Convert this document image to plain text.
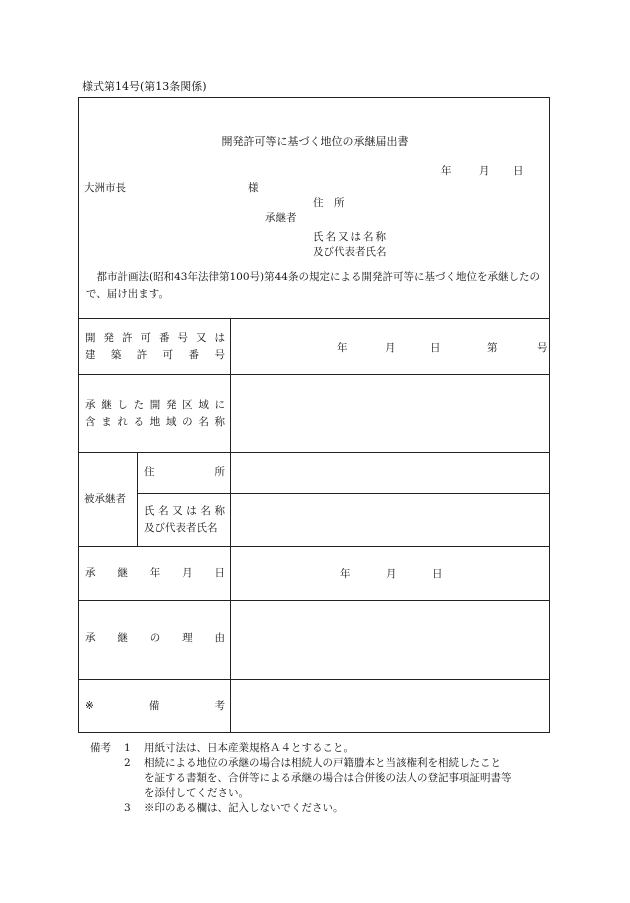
様式第14号(第13条関係)
開発許可等に基づく地位の承継届出書
年	月 日
大洲市長	様
住　所
承継者
氏名又は名称
及び代表者氏名
都市計画法(昭和43年法律第100号)第44条の規定による開発許可等に基づく地位を承継したので、届け出ます。
開 発 許 可 番 号 又 は
建 築 許 可 番 号
年	月	日	第	号
承 継 し た 開 発 区 域 に
含 ま れ る 地 域 の 名 称
被承継者
住	所
氏 名 又 は 名 称
及び代表者氏名
承 継 年 月 日	年	月	日
承 継 の 理 由
※	備	考
備考	1	用紙寸法は、日本産業規格Ａ４とすること。
2	相続による地位の承継の場合は相続人の戸籍謄本と当該権利を相続したこと
を証する書類を、合併等による承継の場合は合併後の法人の登記事項証明書等
を添付してください。
3	※印のある欄は、記入しないでください。
